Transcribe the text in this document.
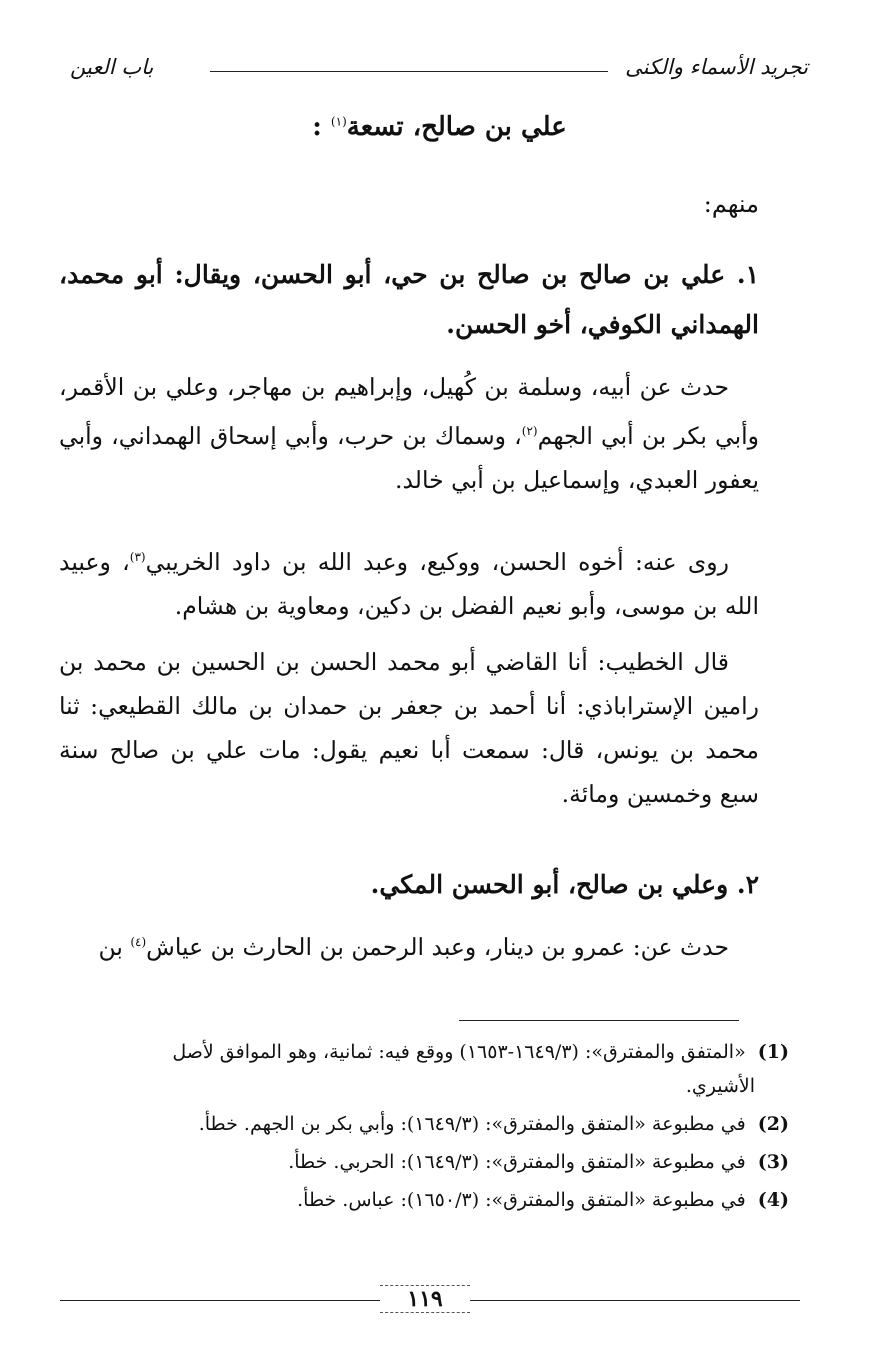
تجريد الأسماء والكنى
باب العين
علي بن صالح، تسعة$^{(١)}$ :
منهم:
١. علي بن صالح بن صالح بن حي، أبو الحسن، ويقال: أبو محمد، الهمداني الكوفي، أخو الحسن.
حدث عن أبيه، وسلمة بن كُهيل، وإبراهيم بن مهاجر، وعلي بن الأقمر، وأبي بكر بن أبي الجهم$^{(٢)}$، وسماك بن حرب، وأبي إسحاق الهمداني، وأبي يعفور العبدي، وإسماعيل بن أبي خالد.
روى عنه: أخوه الحسن، ووكيع، وعبد الله بن داود الخريبي$^{(٣)}$، وعبيد الله بن موسى، وأبو نعيم الفضل بن دكين، ومعاوية بن هشام.
قال الخطيب: أنا القاضي أبو محمد الحسن بن الحسين بن محمد بن رامين الإستراباذي: أنا أحمد بن جعفر بن حمدان بن مالك القطيعي: ثنا محمد بن يونس، قال: سمعت أبا نعيم يقول: مات علي بن صالح سنة سبع وخمسين ومائة.
٢. وعلي بن صالح، أبو الحسن المكي.
حدث عن: عمرو بن دينار، وعبد الرحمن بن الحارث بن عياش$^{(٤)}$ بن
(1) «المتفق والمفترق»: (١٦٤٩/٣-١٦٥٣) ووقع فيه: ثمانية، وهو الموافق لأصل
الأشيري.
(2) في مطبوعة «المتفق والمفترق»: (١٦٤٩/٣): وأبي بكر بن الجهم. خطأ.
(3) في مطبوعة «المتفق والمفترق»: (١٦٤٩/٣): الحربي. خطأ.
(4) في مطبوعة «المتفق والمفترق»: (١٦٥٠/٣): عباس. خطأ.
١١٩
